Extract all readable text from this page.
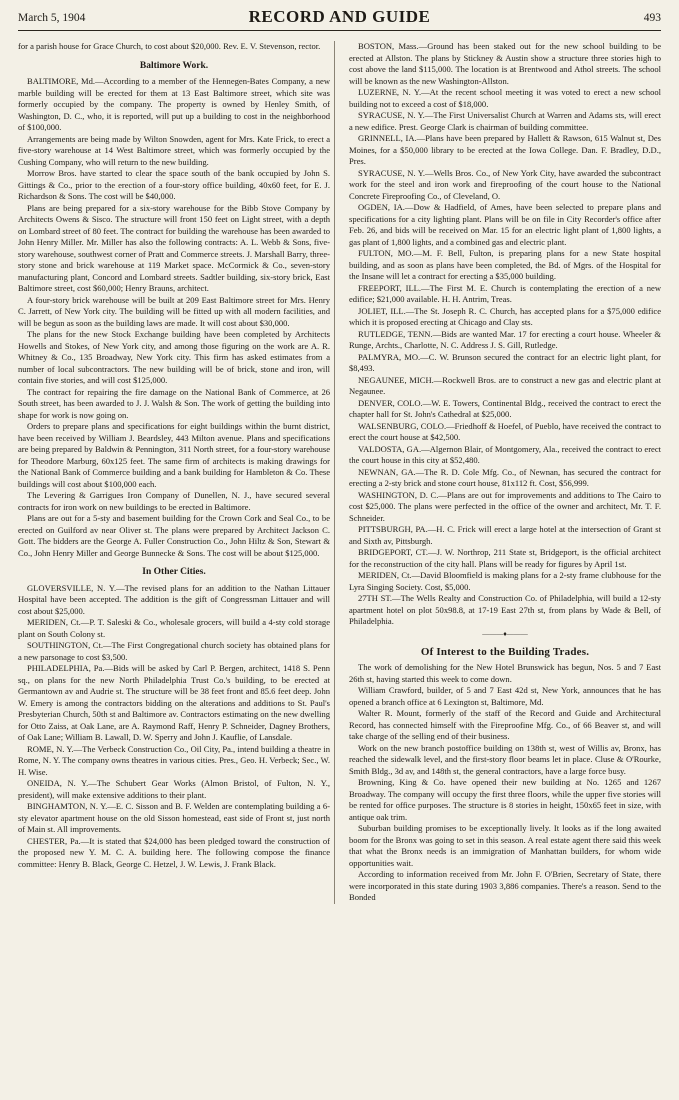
March 5, 1904	RECORD AND GUIDE	493

for a parish house for Grace Church, to cost about $20,000. Rev. E. V. Stevenson, rector.

Baltimore Work.

BALTIMORE, Md.—According to a member of the Hennegen-Bates Company, a new marble building will be erected for them at 13 East Baltimore street, which site was formerly occupied by the company. The property is owned by Henley Smith, of Washington, D. C., who, it is reported, will put up a building to cost in the neighborhood of $100,000.

Arrangements are being made by Wilton Snowden, agent for Mrs. Kate Frick, to erect a five-story warehouse at 14 West Baltimore street, which was formerly occupied by the Cushing Company, who will return to the new building.

Morrow Bros. have started to clear the space south of the bank occupied by John S. Gittings & Co., prior to the erection of a four-story office building, 40x60 feet, for E. J. Richardson & Sons. The cost will be $40,000.

Plans are being prepared for a six-story warehouse for the Bibb Stove Company by Architects Owens & Sisco. The structure will front 150 feet on Light street, with a depth on Lombard street of 80 feet. The contract for building the warehouse has been awarded to John Henry Miller. Mr. Miller has also the following contracts: A. L. Webb & Sons, five-story warehouse, southwest corner of Pratt and Commerce streets. J. Marshall Barry, three-story stone and brick warehouse at 119 Market space. McCormick & Co., seven-story manufacturing plant, Concord and Lombard streets. Sadtler building, six-story brick, East Baltimore street, cost $60,000; Henry Brauns, architect.

A four-story brick warehouse will be built at 209 East Baltimore street for Mrs. Henry C. Jarrett, of New York city. The building will be fitted up with all modern facilities, and will be begun as soon as the building laws are made. It will cost about $30,000.

The plans for the new Stock Exchange building have been completed by Architects Howells and Stokes, of New York city, and among those figuring on the work are A. R. Whitney & Co., 135 Broadway, New York city. This firm has asked estimates from a number of local subcontractors. The new building will be of brick, stone and iron, will contain five stories, and will cost $125,000.

The contract for repairing the fire damage on the National Bank of Commerce, at 26 South street, has been awarded to J. J. Walsh & Son. The work of getting the building into shape for work is now going on.

Orders to prepare plans and specifications for eight buildings within the burnt district, have been received by William J. Beardsley, 443 Milton avenue. Plans and specifications are being prepared by Baldwin & Pennington, 311 North street, for a four-story warehouse for Theodore Marburg, 60x125 feet. The same firm of architects is making drawings for the National Bank of Commerce building and a bank building for Hambleton & Co. These buildings will cost about $100,000 each.

The Levering & Garrigues Iron Company of Dunellen, N. J., have secured several contracts for iron work on new buildings to be erected in Baltimore.

Plans are out for a 5-sty and basement building for the Crown Cork and Seal Co., to be erected on Guilford av near Oliver st. The plans were prepared by Architect Jackson C. Gott. The bidders are the George A. Fuller Construction Co., John Hiltz & Son, Stewart & Co., John Henry Miller and George Bunnecke & Sons. The cost will be about $125,000.

In Other Cities.

GLOVERSVILLE, N. Y.—The revised plans for an addition to the Nathan Littauer Hospital have been accepted. The addition is the gift of Congressman Littauer and will cost about $25,000.

MERIDEN, Ct.—P. T. Saleski & Co., wholesale grocers, will build a 4-sty cold storage plant on South Colony st.

SOUTHINGTON, Ct.—The First Congregational church society has obtained plans for a new parsonage to cost $3,500.

PHILADELPHIA, Pa.—Bids will be asked by Carl P. Bergen, architect, 1418 S. Penn sq., on plans for the new North Philadelphia Trust Co.'s building, to be erected at Germantown av and Audrie st. The structure will be 38 feet front and 85.6 feet deep. John W. Emery is among the contractors bidding on the alterations and additions to St. Paul's Presbyterian Church, 50th st and Baltimore av. Contractors estimating on the new dwelling for Otto Zaiss, at Oak Lane, are A. Raymond Raff, Henry P. Schneider, Dagney Brothers, of Oak Lane; William B. Lawall, D. W. Sperry and John J. Kauflie, of Lansdale.

ROME, N. Y.—The Verbeck Construction Co., Oil City, Pa., intend building a theatre in Rome, N. Y. The company owns theatres in various cities. Pres., Geo. H. Verbeck; Sec., W. H. Wise.

ONEIDA, N. Y.—The Schubert Gear Works (Almon Bristol, of Fulton, N. Y., president), will make extensive additions to their plant.

BINGHAMTON, N. Y.—E. C. Sisson and B. F. Welden are contemplating building a 6-sty elevator apartment house on the old Sisson homestead, east side of Front st, just north of Main st. All improvements.

CHESTER, Pa.—It is stated that $24,000 has been pledged toward the construction of the proposed new Y. M. C. A. building here. The following compose the finance committee: Henry B. Black, George C. Hetzel, J. W. Lewis, J. Frank Black.

BOSTON, Mass.—Ground has been staked out for the new school building to be erected at Allston. The plans by Stickney & Austin show a structure three stories high to cost above the land $115,000. The location is at Brentwood and Athol streets. The school will be known as the new Washington-Allston.

LUZERNE, N. Y.—At the recent school meeting it was voted to erect a new school building not to exceed a cost of $18,000.

SYRACUSE, N. Y.—The First Universalist Church at Warren and Adams sts, will erect a new edifice. Prest. George Clark is chairman of building committee.

GRINNELL, IA.—Plans have been prepared by Hallett & Rawson, 615 Walnut st, Des Moines, for a $50,000 library to be erected at the Iowa College. Dan. F. Bradley, D.D., Pres.

SYRACUSE, N. Y.—Wells Bros. Co., of New York City, have awarded the subcontract work for the steel and iron work and fireproofing of the court house to the National Concrete Fireproofing Co., of Cleveland, O.

OGDEN, IA.—Dow & Hadfield, of Ames, have been selected to prepare plans and specifications for a city lighting plant. Plans will be on file in City Recorder's office after Feb. 26, and bids will be received on Mar. 15 for an electric light plant of 1,800 lights, a gas plant of 1,800 lights, and a combined gas and electric plant.

FULTON, MO.—M. F. Bell, Fulton, is preparing plans for a new State hospital building, and as soon as plans have been completed, the Bd. of Mgrs. of the Hospital for the Insane will let a contract for erecting a $35,000 building.

FREEPORT, ILL.—The First M. E. Church is contemplating the erection of a new edifice; $21,000 available. H. H. Antrim, Treas.

JOLIET, ILL.—The St. Joseph R. C. Church, has accepted plans for a $75,000 edifice which it is proposed erecting at Chicago and Clay sts.

RUTLEDGE, TENN.—Bids are wanted Mar. 17 for erecting a court house. Wheeler & Runge, Archts., Charlotte, N. C. Address J. S. Gill, Rutledge.

PALMYRA, MO.—C. W. Brunson secured the contract for an electric light plant, for $8,493.

NEGAUNEE, MICH.—Rockwell Bros. are to construct a new gas and electric plant at Negaunee.

DENVER, COLO.—W. E. Towers, Continental Bldg., received the contract to erect the chapter hall for St. John's Cathedral at $25,000.

WALSENBURG, COLO.—Friedhoff & Hoefel, of Pueblo, have received the contract to erect the court house at $42,500.

VALDOSTA, GA.—Algernon Blair, of Montgomery, Ala., received the contract to erect the court house in this city at $52,480.

NEWNAN, GA.—The R. D. Cole Mfg. Co., of Newnan, has secured the contract for erecting a 2-sty brick and stone court house, 81x112 ft. Cost, $56,999.

WASHINGTON, D. C.—Plans are out for improvements and additions to The Cairo to cost $25,000. The plans were perfected in the office of the owner and architect, Mr. T. F. Schneider.

PITTSBURGH, PA.—H. C. Frick will erect a large hotel at the intersection of Grant st and Sixth av, Pittsburgh.

BRIDGEPORT, CT.—J. W. Northrop, 211 State st, Bridgeport, is the official architect for the reconstruction of the city hall. Plans will be ready for figures by April 1st.

MERIDEN, Ct.—David Bloomfield is making plans for a 2-sty frame clubhouse for the Lyra Singing Society. Cost, $5,000.

27TH ST.—The Wells Realty and Construction Co. of Philadelphia, will build a 12-sty apartment hotel on plot 50x98.8, at 17-19 East 27th st, from plans by Wade & Bell, of Philadelphia.

———♦———
Of Interest to the Building Trades.

The work of demolishing for the New Hotel Brunswick has begun, Nos. 5 and 7 East 26th st, having started this week to come down.

William Crawford, builder, of 5 and 7 East 42d st, New York, announces that he has opened a branch office at 6 Lexington st, Baltimore, Md.

Walter R. Mount, formerly of the staff of the Record and Guide and Architectural Record, has connected himself with the Fireproofine Mfg. Co., of 66 Beaver st, and will take charge of the selling end of their business.

Work on the new branch postoffice building on 138th st, west of Willis av, Bronx, has reached the sidewalk level, and the first-story floor beams let in place. Cluse & O'Rourke, Smith Bldg., 3d av, and 148th st, the general contractors, have a large force busy.

Browning, King & Co. have opened their new building at No. 1265 and 1267 Broadway. The company will occupy the first three floors, while the upper five stories will be rented for office purposes. The structure is 8 stories in height, 150x65 feet in size, with antique oak trim.

Suburban building promises to be exceptionally lively. It looks as if the long awaited boom for the Bronx was going to set in this season. A real estate agent there said this week that what the Bronx needs is an immigration of Manhattan builders, for whom wide opportunities wait.

According to information received from Mr. John F. O'Brien, Secretary of State, there were incorporated in this state during 1903 3,886 companies. There's a reason. Send to the Bonded
